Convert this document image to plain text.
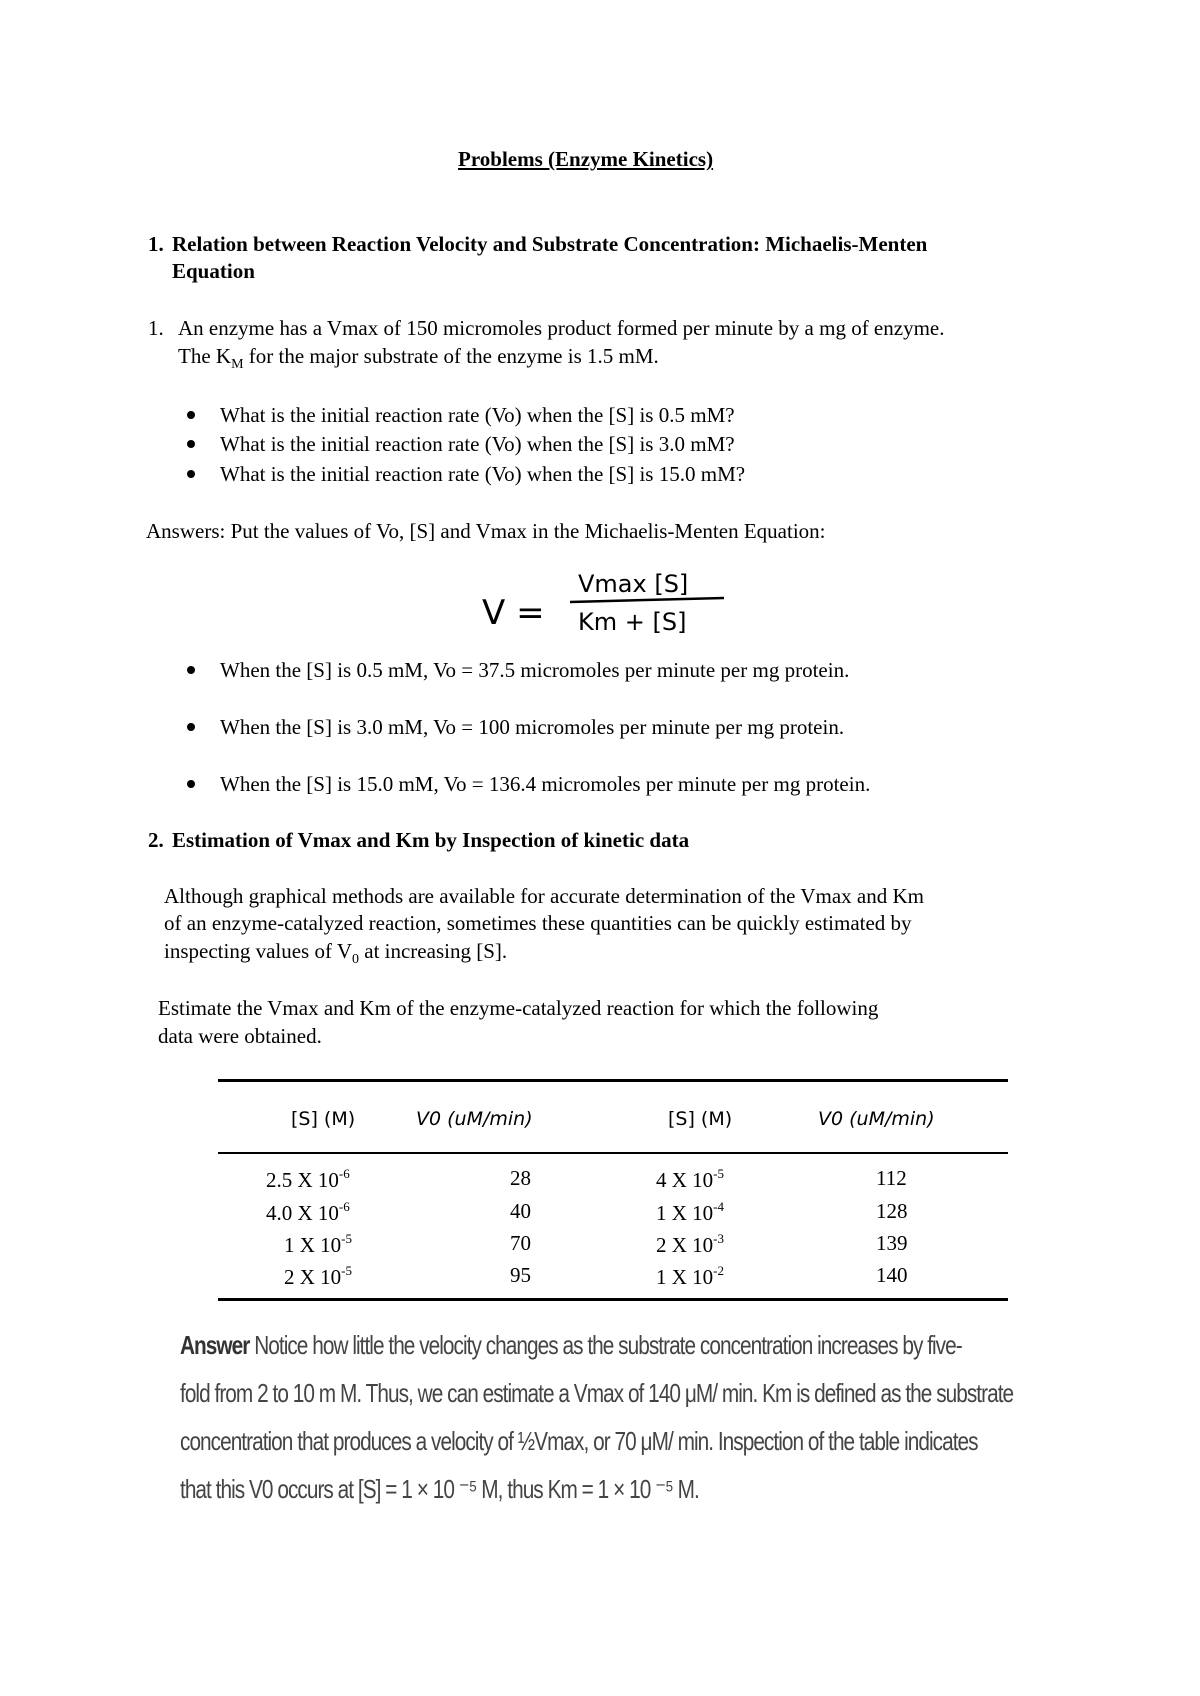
Problems (Enzyme Kinetics)
1. Relation between Reaction Velocity and Substrate Concentration: Michaelis-Menten
Equation
1. An enzyme has a Vmax of 150 micromoles product formed per minute by a mg of enzyme.
The $K_M$ for the major substrate of the enzyme is 1.5 mM.
What is the initial reaction rate (Vo) when the [S] is 0.5 mM?
What is the initial reaction rate (Vo) when the [S] is 3.0 mM?
What is the initial reaction rate (Vo) when the [S] is 15.0 mM?
Answers: Put the values of Vo, [S] and Vmax in the Michaelis-Menten Equation:
V =
Vmax [S]
Km + [S]
When the [S] is 0.5 mM, Vo = 37.5 micromoles per minute per mg protein.
When the [S] is 3.0 mM, Vo = 100 micromoles per minute per mg protein.
When the [S] is 15.0 mM, Vo = 136.4 micromoles per minute per mg protein.
2. Estimation of Vmax and Km by Inspection of kinetic data
Although graphical methods are available for accurate determination of the Vmax and Km
of an enzyme-catalyzed reaction, sometimes these quantities can be quickly estimated by
inspecting values of $V_0$ at increasing [S].
Estimate the Vmax and Km of the enzyme-catalyzed reaction for which the following
data were obtained.
[S] (M)	V0 (uM/min)	[S] (M)	V0 (uM/min)
2.5 X $10^{-6}$	28	4 X $10^{-5}$	112
4.0 X $10^{-6}$	40	1 X $10^{-4}$	128
1 X $10^{-5}$	70	2 X $10^{-3}$	139
2 X $10^{-5}$	95	1 X $10^{-2}$	140
Answer Notice how little the velocity changes as the substrate concentration increases by five-
fold from 2 to 10 m M. Thus, we can estimate a Vmax of 140 μM/ min. Km is defined as the substrate
concentration that produces a velocity of ½Vmax, or 70 μM/ min. Inspection of the table indicates
that this V0 occurs at [S] = 1 × 10 ⁻⁵ M, thus Km = 1 × 10 ⁻⁵ M.
